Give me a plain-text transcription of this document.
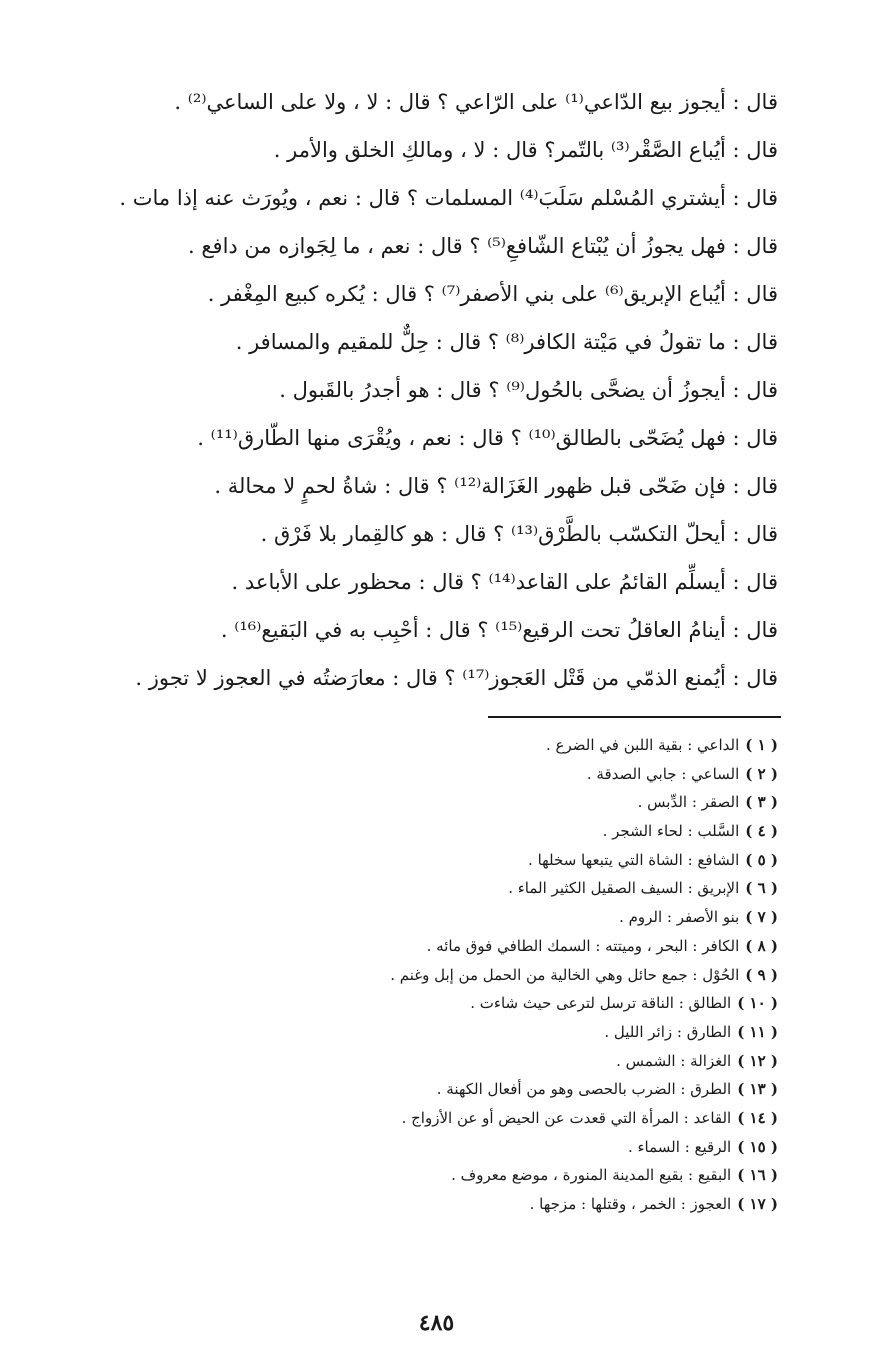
قال : أيجوز بيع الدّاعي⁽¹⁾ على الرّاعي ؟ قال : لا ، ولا على الساعي⁽²⁾ .
قال : أيُباع الصَّقْر⁽³⁾ بالتّمر؟ قال : لا ، ومالكِ الخلق والأمر .
قال : أيشتري المُسْلم سَلَبَ⁽⁴⁾ المسلمات ؟ قال : نعم ، ويُورَث عنه إذا مات .
قال : فهل يجوزُ أن يُبْتاع الشّافعِ⁽⁵⁾ ؟ قال : نعم ، ما لِجَوازه من دافع .
قال : أيُباع الإبريق⁽⁶⁾ على بني الأصفر⁽⁷⁾ ؟ قال : يُكره كبيع المِغْفر .
قال : ما تقولُ في مَيْتة الكافر⁽⁸⁾ ؟ قال : حِلٌّ للمقيم والمسافر .
قال : أيجوزُ أن يضحَّى بالحُول⁽⁹⁾ ؟ قال : هو أجدرُ بالقَبول .
قال : فهل يُضَحّى بالطالق⁽¹⁰⁾ ؟ قال : نعم ، ويُقْرَى منها الطّارق⁽¹¹⁾ .
قال : فإن ضَحّى قبل ظهور الغَزَالة⁽¹²⁾ ؟ قال : شاةُ لحمٍ لا محالة .
قال : أيحلّ التكسّب بالطَّرْق⁽¹³⁾ ؟ قال : هو كالقِمار بلا فَرْق .
قال : أيسلِّم القائمُ على القاعد⁽¹⁴⁾ ؟ قال : محظور على الأباعد .
قال : أينامُ العاقلُ تحت الرقيع⁽¹⁵⁾ ؟ قال : أحْبِب به في البَقيع⁽¹⁶⁾ .
قال : أيُمنع الذمّي من قَتْل العَجوز⁽¹⁷⁾ ؟ قال : معارَضتُه في العجوز لا تجوز .
( ١ )الداعي : بقية اللبن في الضرع .
( ٢ )الساعي : جابي الصدقة .
( ٣ )الصقر : الدِّبس .
( ٤ )السَّلب : لحاء الشجر .
( ٥ )الشافع : الشاة التي يتبعها سخلها .
( ٦ )الإبريق : السيف الصقيل الكثير الماء .
( ٧ )بنو الأصفر : الروم .
( ٨ )الكافر : البحر ، وميتته : السمك الطافي فوق مائه .
( ٩ )الحُوْل : جمع حائل وهي الخالية من الحمل من إبل وغنم .
( ١٠ )الطالق : الناقة ترسل لترعى حيث شاءت .
( ١١ )الطارق : زائر الليل .
( ١٢ )الغزالة : الشمس .
( ١٣ )الطرق : الضرب بالحصى وهو من أفعال الكهنة .
( ١٤ )القاعد : المرأة التي قعدت عن الحيض أو عن الأزواج .
( ١٥ )الرقيع : السماء .
( ١٦ )البقيع : بقيع المدينة المنورة ، موضع معروف .
( ١٧ )العجوز : الخمر ، وقتلها : مزجها .
٤٨٥
